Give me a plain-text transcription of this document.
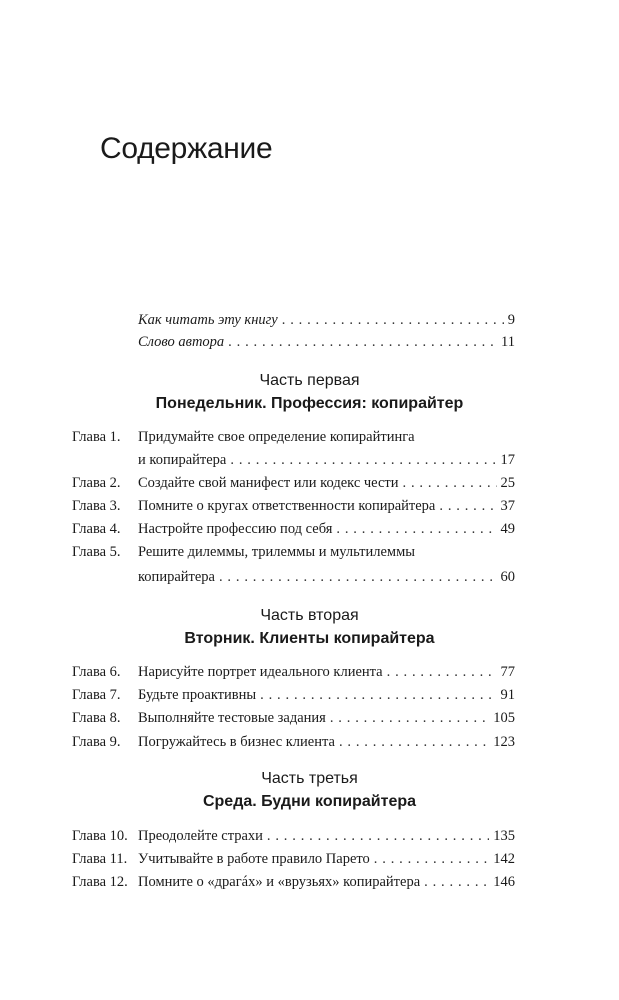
Содержание
Как читать эту книгу . . .	9
Слово автора . . .	11
Часть первая
Понедельник. Профессия: копирайтер
Глава 1.	Придумайте свое определение копирайтинга
и копирайтера . . .	17
Глава 2.	Создайте свой манифест или кодекс чести . . .	25
Глава 3.	Помните о кругах ответственности копирайтера . . .	37
Глава 4.	Настройте профессию под себя . . .	49
Глава 5.	Решите дилеммы, трилеммы и мультилеммы
копирайтера . . .	60
Часть вторая
Вторник. Клиенты копирайтера
Глава 6.	Нарисуйте портрет идеального клиента . . .	77
Глава 7.	Будьте проактивны . . .	91
Глава 8.	Выполняйте тестовые задания . . .	105
Глава 9.	Погружайтесь в бизнес клиента . . .	123
Часть третья
Среда. Будни копирайтера
Глава 10. Преодолейте страхи . . .	135
Глава 11. Учитывайте в работе правило Парето . . .	142
Глава 12. Помните о «драгáх» и «врузьях» копирайтера . . .	146
